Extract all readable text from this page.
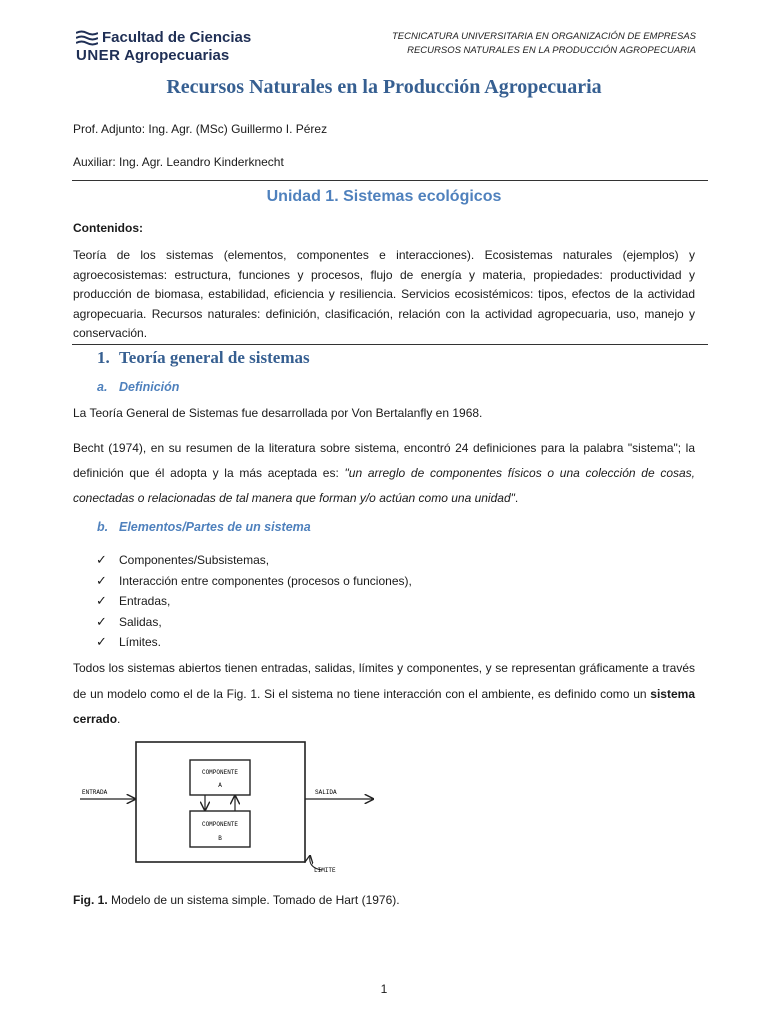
Facultad de Ciencias
UNER Agropecuarias
TECNICATURA UNIVERSITARIA EN ORGANIZACIÓN DE EMPRESAS
RECURSOS NATURALES EN LA PRODUCCIÓN AGROPECUARIA
Recursos Naturales en la Producción Agropecuaria
Prof. Adjunto: Ing. Agr. (MSc) Guillermo I. Pérez
Auxiliar: Ing. Agr. Leandro Kinderknecht
Unidad 1. Sistemas ecológicos
Contenidos:

Teoría de los sistemas (elementos, componentes e interacciones). Ecosistemas naturales (ejemplos) y agroecosistemas: estructura, funciones y procesos, flujo de energía y materia, propiedades: productividad y producción de biomasa, estabilidad, eficiencia y resiliencia. Servicios ecosistémicos: tipos, efectos de la actividad agropecuaria. Recursos naturales: definición, clasificación, relación con la actividad agropecuaria, uso, manejo y conservación.

1. Teoría general de sistemas
a. Definición

La Teoría General de Sistemas fue desarrollada por Von Bertalanfly en 1968.

Becht (1974), en su resumen de la literatura sobre sistema, encontró 24 definiciones para la palabra "sistema"; la definición que él adopta y la más aceptada es: "un arreglo de componentes físicos o una colección de cosas, conectadas o relacionadas de tal manera que forman y/o actúan como una unidad".

b. Elementos/Partes de un sistema
✓	Componentes/Subsistemas,
✓	Interacción entre componentes (procesos o funciones),
✓	Entradas,
✓	Salidas,
✓	Límites.

Todos los sistemas abiertos tienen entradas, salidas, límites y componentes, y se representan gráficamente a través de un modelo como el de la Fig. 1. Si el sistema no tiene interacción con el ambiente, es definido como un sistema cerrado.

COMPONENTE
A
COMPONENTE
B
ENTRADA	SALIDA
LIMITE

Fig. 1. Modelo de un sistema simple. Tomado de Hart (1976).

1
